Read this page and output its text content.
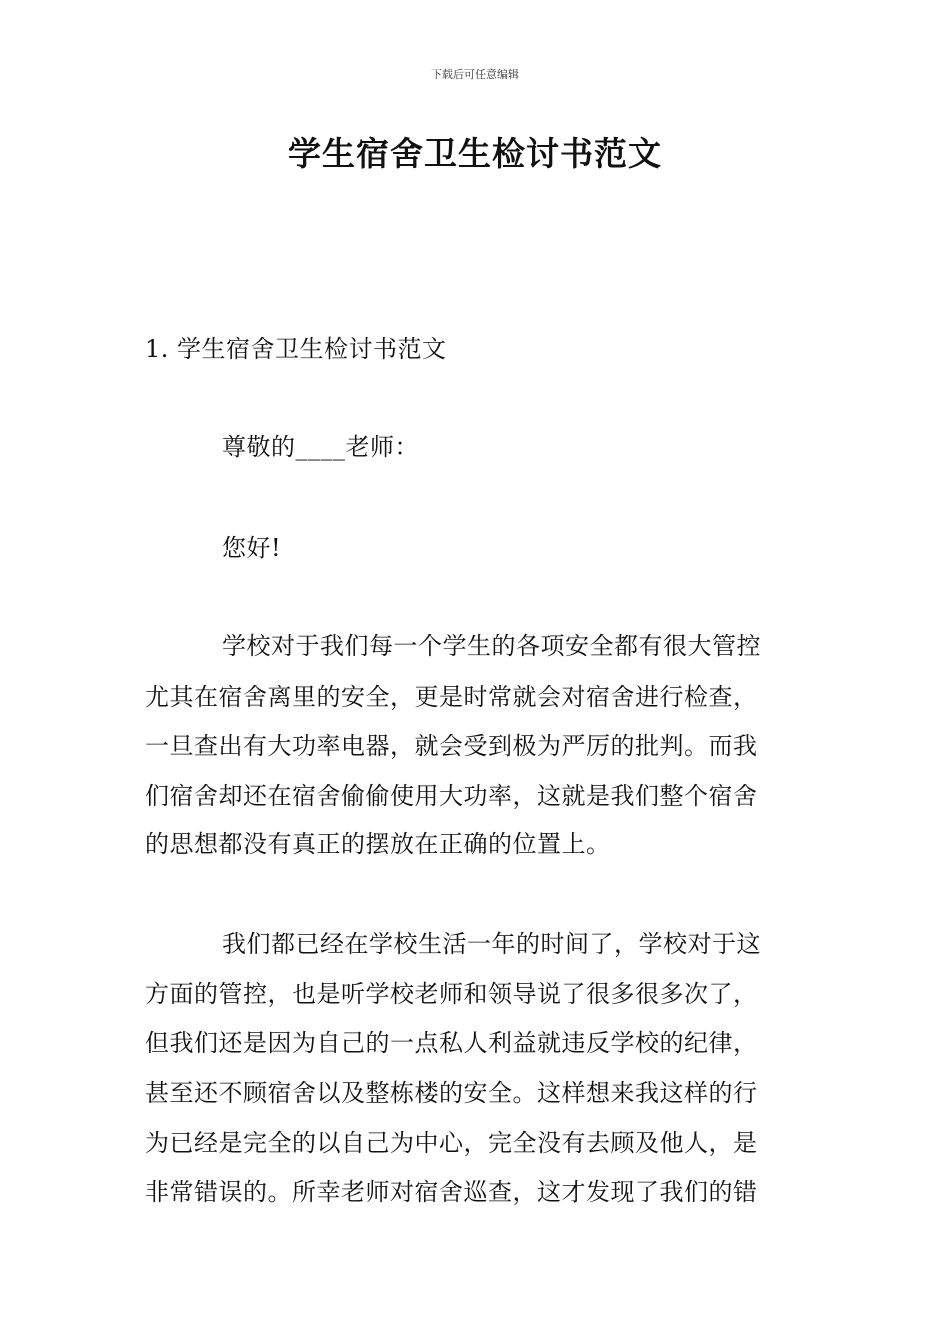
下载后可任意编辑
学生宿舍卫生检讨书范文
1. 学生宿舍卫生检讨书范文
尊敬的____老师：
您好!
学校对于我们每一个学生的各项安全都有很大管控
尤其在宿舍离里的安全，更是时常就会对宿舍进行检查，
一旦查出有大功率电器，就会受到极为严厉的批判。而我
们宿舍却还在宿舍偷偷使用大功率，这就是我们整个宿舍
的思想都没有真正的摆放在正确的位置上。
我们都已经在学校生活一年的时间了，学校对于这
方面的管控，也是听学校老师和领导说了很多很多次了，
但我们还是因为自己的一点私人利益就违反学校的纪律，
甚至还不顾宿舍以及整栋楼的安全。这样想来我这样的行
为已经是完全的以自己为中心，完全没有去顾及他人，是
非常错误的。所幸老师对宿舍巡查，这才发现了我们的错
